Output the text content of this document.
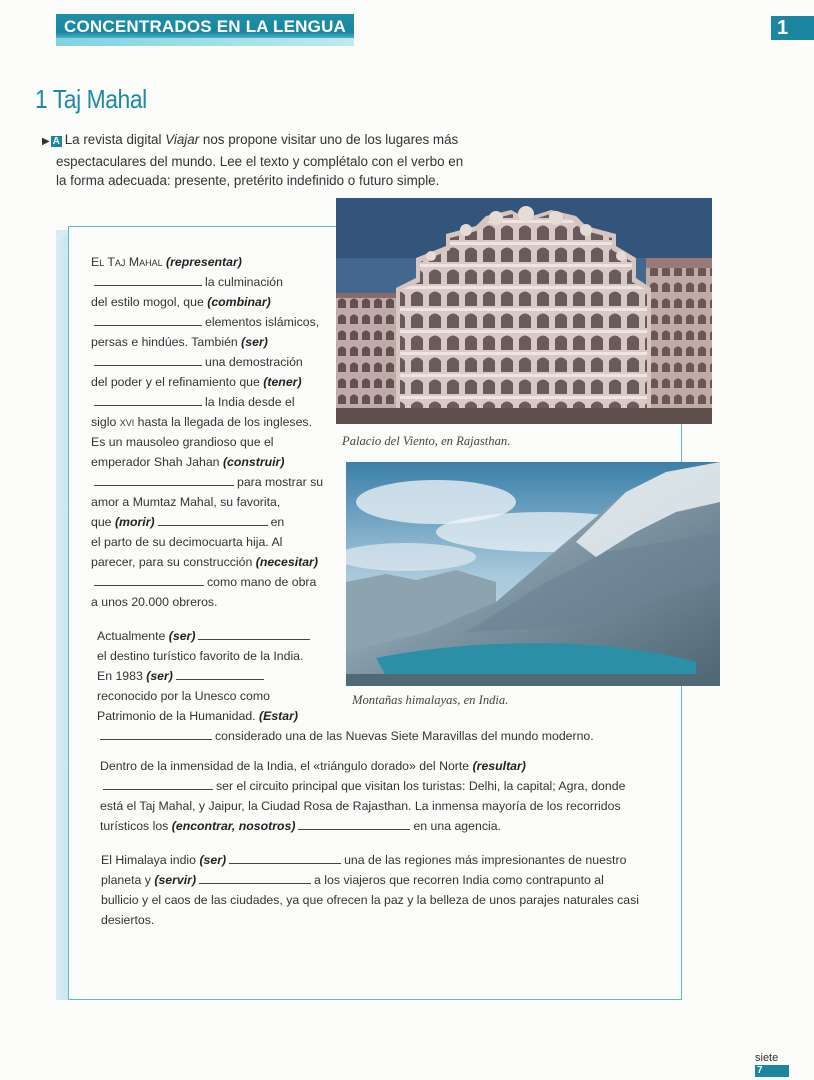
CONCENTRADOS EN LA LENGUA	1
1 Taj Mahal
▶ A La revista digital Viajar nos propone visitar uno de los lugares más
espectaculares del mundo. Lee el texto y complétalo con el verbo en
la forma adecuada: presente, pretérito indefinido o futuro simple.
Palacio del Viento, en Rajasthan.
Montañas himalayas, en India.
El Taj Mahal (representar)
la culminación
del estilo mogol, que (combinar)
elementos islámicos,
persas e hindúes. También (ser)
una demostración
del poder y el refinamiento que (tener)
la India desde el
siglo xvi hasta la llegada de los ingleses.
Es un mausoleo grandioso que el
emperador Shah Jahan (construir)
para mostrar su
amor a Mumtaz Mahal, su favorita,
que (morir)	en
el parto de su decimocuarta hija. Al
parecer, para su construcción (necesitar)
como mano de obra
a unos 20.000 obreros.
Actualmente (ser)
el destino turístico favorito de la India.
En 1983 (ser)
reconocido por la Unesco como
Patrimonio de la Humanidad. (Estar)
considerado una de las Nuevas Siete Maravillas del mundo moderno.
Dentro de la inmensidad de la India, el «triángulo dorado» del Norte (resultar)
ser el circuito principal que visitan los turistas: Delhi, la capital; Agra, donde
está el Taj Mahal, y Jaipur, la Ciudad Rosa de Rajasthan. La inmensa mayoría de los recorridos
turísticos los (encontrar, nosotros)	en una agencia.
El Himalaya indio (ser)	una de las regiones más impresionantes de nuestro
planeta y (servir)	a los viajeros que recorren India como contrapunto al
bullicio y el caos de las ciudades, ya que ofrecen la paz y la belleza de unos parajes naturales casi
desiertos.
siete 7
